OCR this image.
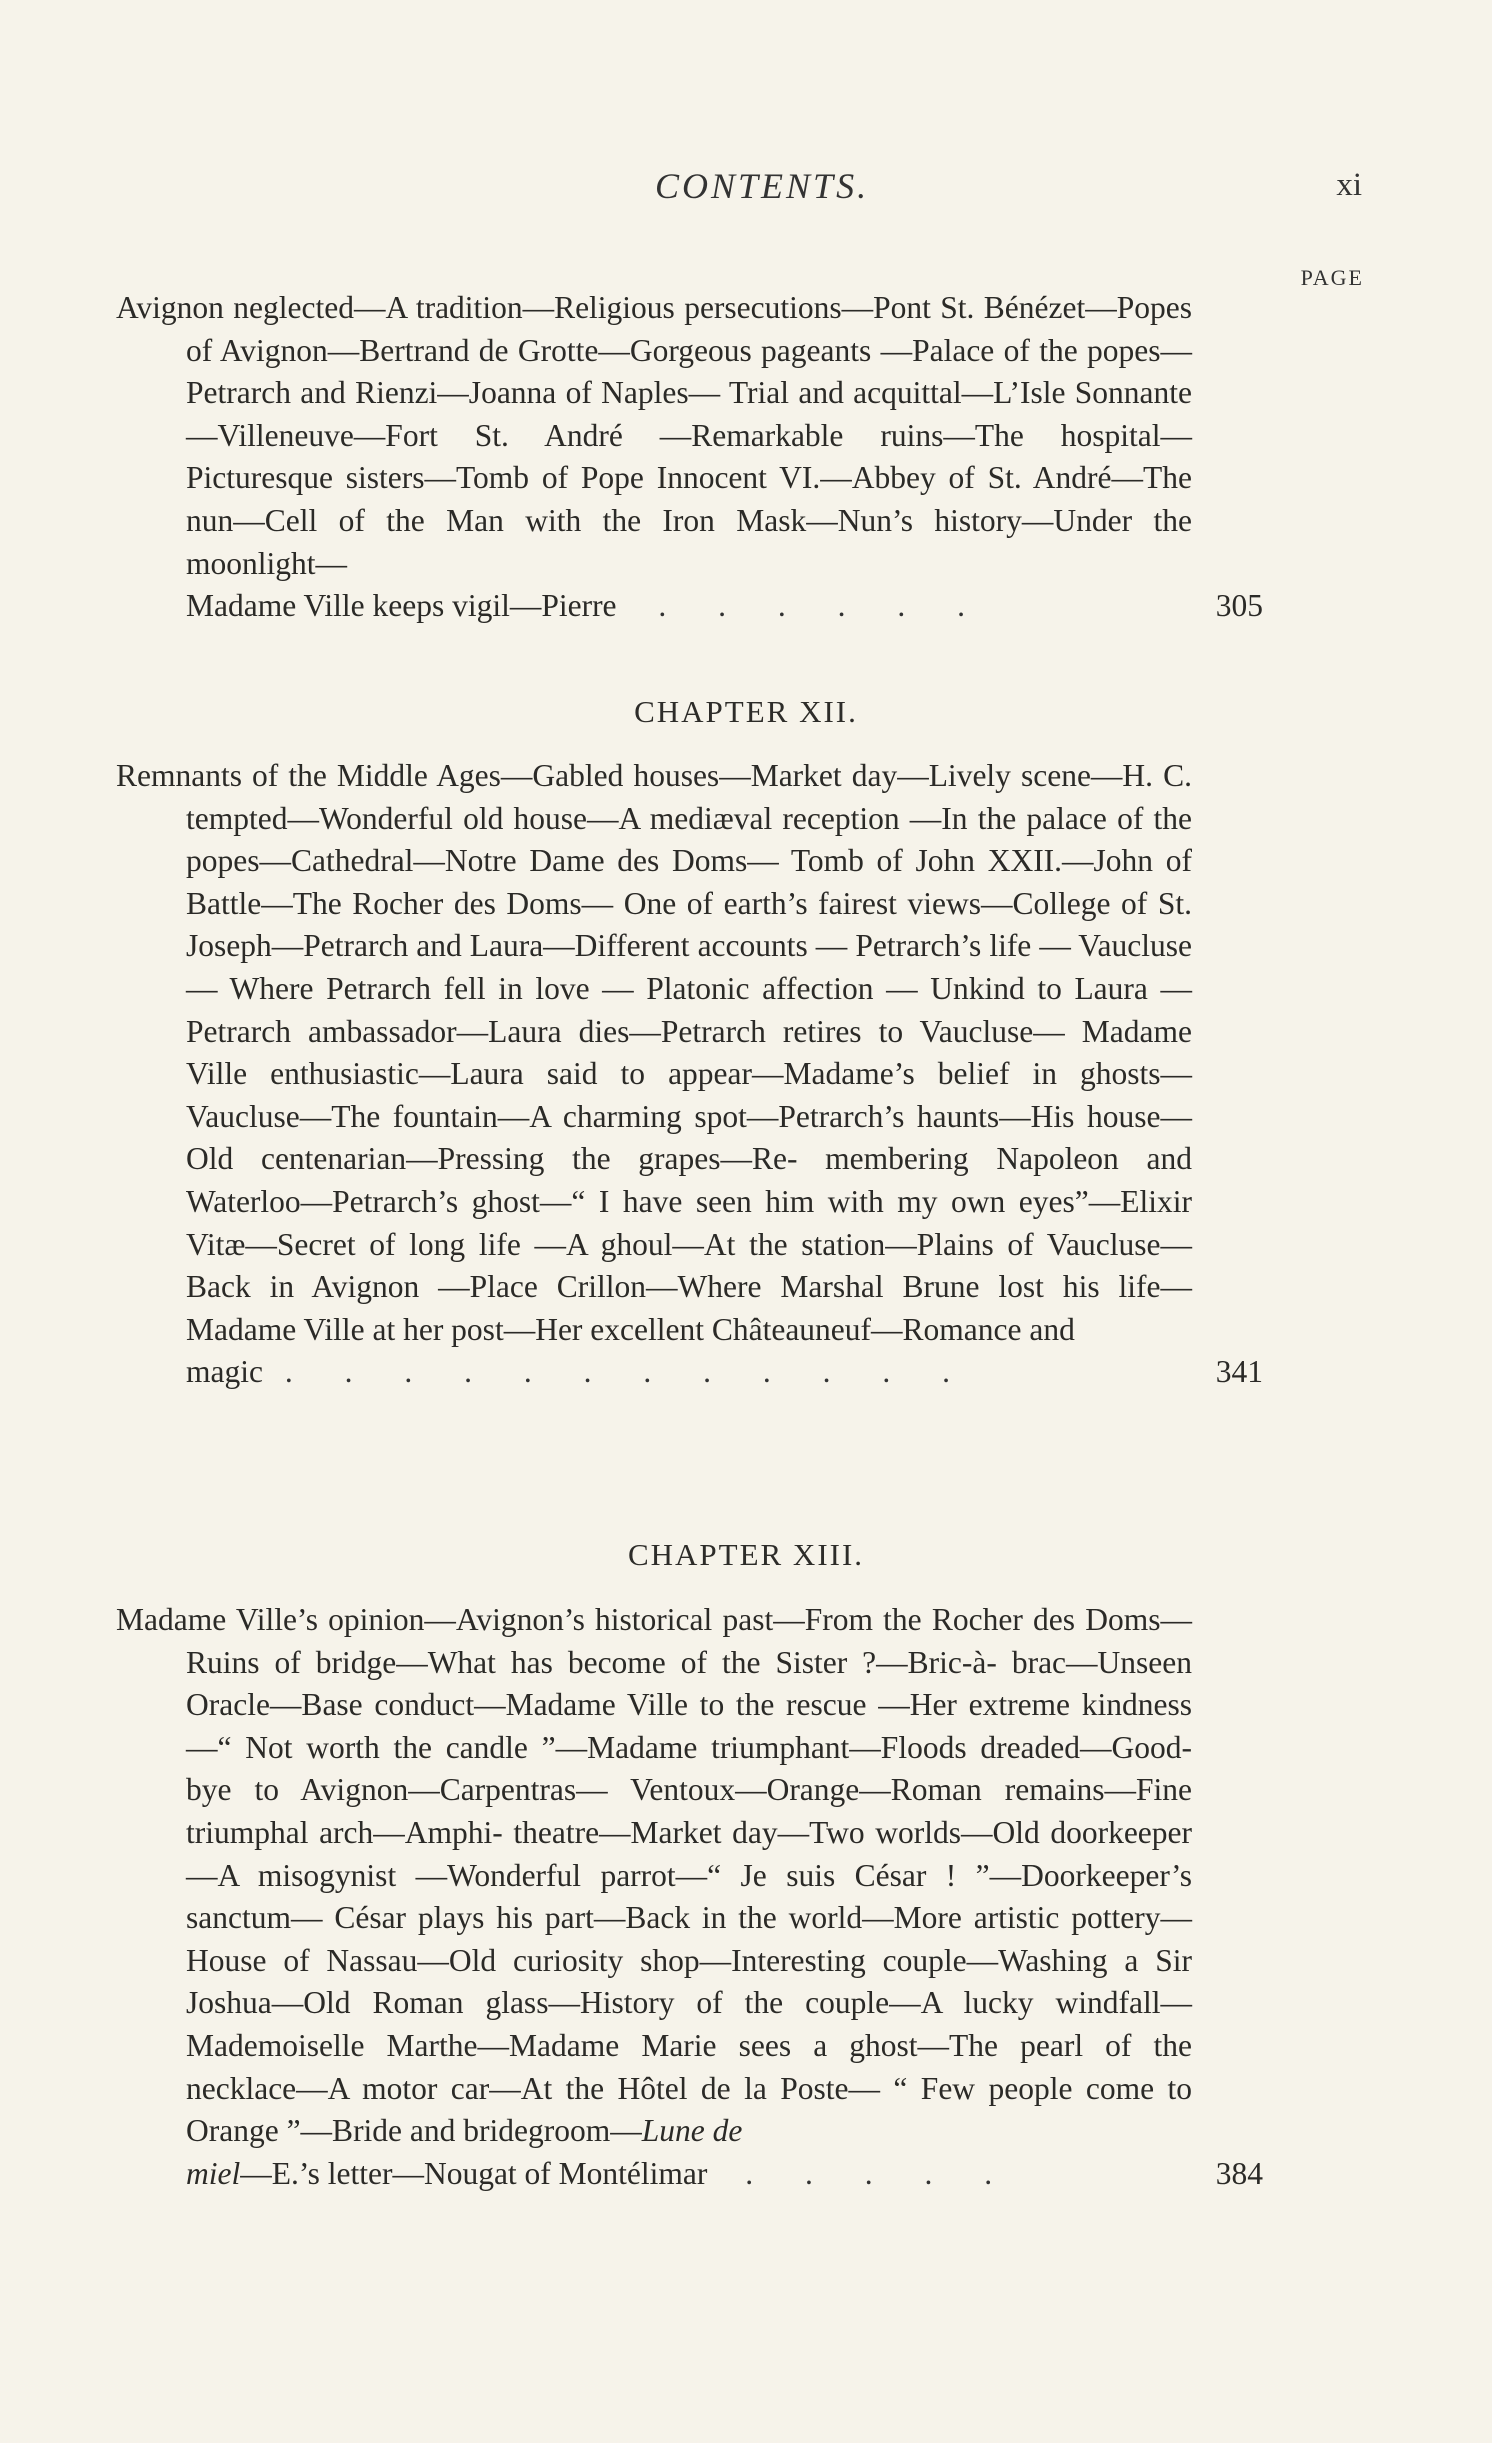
CONTENTS.	xi
PAGE

Avignon neglected—A tradition—Religious persecutions—Pont St. Bénézet—Popes of Avignon—Bertrand de Grotte—Gorgeous pageants —Palace of the popes—Petrarch and Rienzi—Joanna of Naples— Trial and acquittal—L’Isle Sonnante—Villeneuve—Fort St. André —Remarkable ruins—The hospital—Picturesque sisters—Tomb of Pope Innocent VI.—Abbey of St. André—The nun—Cell of the Man with the Iron Mask—Nun’s history—Under the moonlight—

Madame Ville keeps vigil—Pierre . . . . . .	305
CHAPTER XII.

Remnants of the Middle Ages—Gabled houses—Market day—Lively scene—H. C. tempted—Wonderful old house—A mediæval reception —In the palace of the popes—Cathedral—Notre Dame des Doms— Tomb of John XXII.—John of Battle—The Rocher des Doms— One of earth’s fairest views—College of St. Joseph—Petrarch and Laura—Different accounts — Petrarch’s life — Vaucluse — Where Petrarch fell in love — Platonic affection — Unkind to Laura — Petrarch ambassador—Laura dies—Petrarch retires to Vaucluse— Madame Ville enthusiastic—Laura said to appear—Madame’s belief in ghosts—Vaucluse—The fountain—A charming spot—Petrarch’s haunts—His house—Old centenarian—Pressing the grapes—Re- membering Napoleon and Waterloo—Petrarch’s ghost—“ I have seen him with my own eyes”—Elixir Vitæ—Secret of long life —A ghoul—At the station—Plains of Vaucluse—Back in Avignon —Place Crillon—Where Marshal Brune lost his life—Madame Ville at her post—Her excellent Châteauneuf—Romance and

magic . . . . . . . . . . . .	341
CHAPTER XIII.

Madame Ville’s opinion—Avignon’s historical past—From the Rocher des Doms—Ruins of bridge—What has become of the Sister ?—Bric-à- brac—Unseen Oracle—Base conduct—Madame Ville to the rescue —Her extreme kindness—“ Not worth the candle ”—Madame triumphant—Floods dreaded—Good-bye to Avignon—Carpentras— Ventoux—Orange—Roman remains—Fine triumphal arch—Amphi- theatre—Market day—Two worlds—Old doorkeeper—A misogynist —Wonderful parrot—“ Je suis César ! ”—Doorkeeper’s sanctum— César plays his part—Back in the world—More artistic pottery— House of Nassau—Old curiosity shop—Interesting couple—Washing a Sir Joshua—Old Roman glass—History of the couple—A lucky windfall—Mademoiselle Marthe—Madame Marie sees a ghost—The pearl of the necklace—A motor car—At the Hôtel de la Poste— “ Few people come to Orange ”—Bride and bridegroom—Lune de

miel—E.’s letter—Nougat of Montélimar . . . . .	384
